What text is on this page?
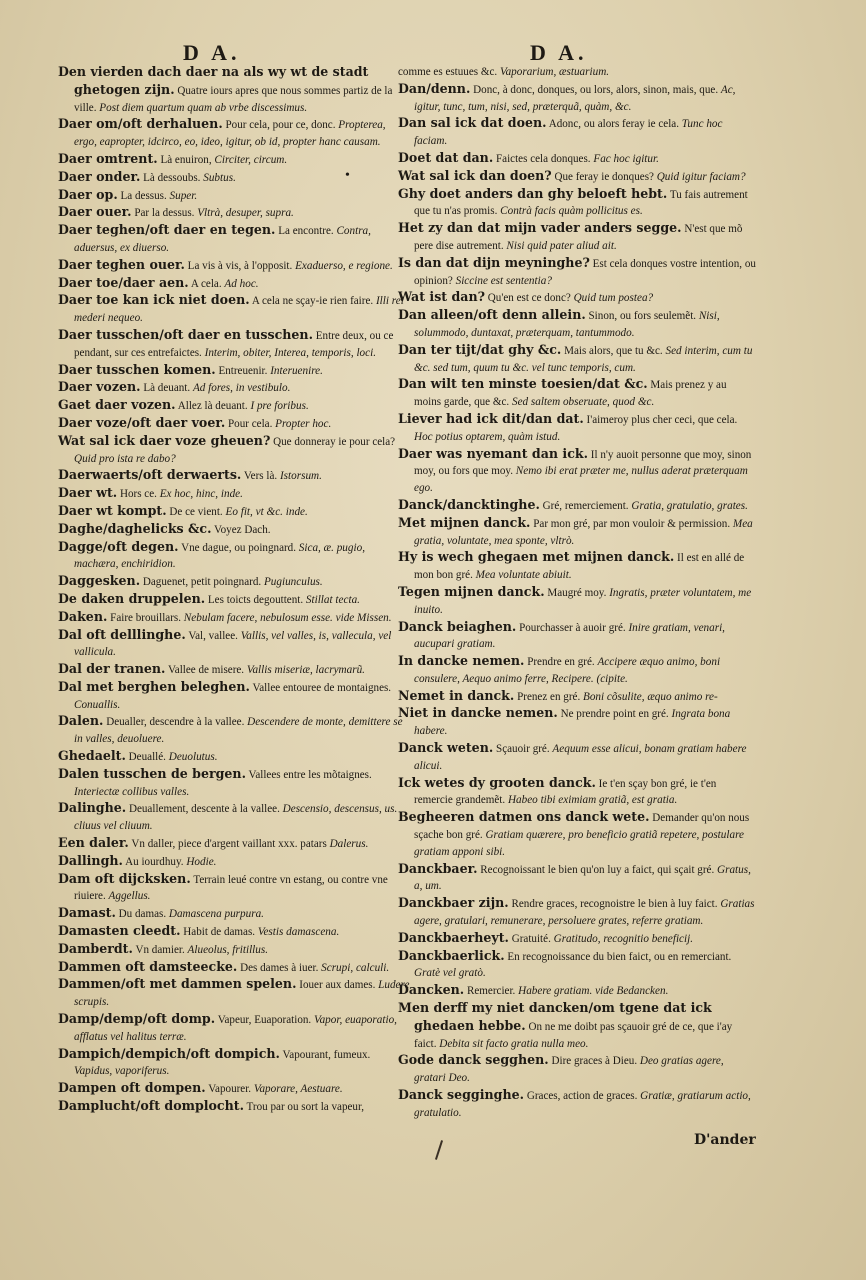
D A.	D A.

Den vierden dach daer na als wy wt de stadt ghetogen zijn. Quatre iours apres que nous sommes partiz de la ville. Post diem quartum quam ab vrbe discessimus.

Daer om/oft derhaluen. Pour cela, pour ce, donc. Propterea, ergo, eapropter, idcirco, eo, ideo, igitur, ob id, propter hanc causam.

Daer omtrent. Là enuiron, Circiter, circum.

Daer onder. Là dessoubs. Subtus.

Daer op. La dessus. Super.

Daer ouer. Par la dessus. Vltrà, desuper, supra.

Daer teghen/oft daer en tegen. La encontre. Contra, aduersus, ex diuerso.

Daer teghen ouer. La vis à vis, à l'opposit. Exaduerso, e regione.

Daer toe/daer aen. A cela. Ad hoc.

Daer toe kan ick niet doen. A cela ne sçay-ie rien faire. Illi rei mederi nequeo.

Daer tusschen/oft daer en tusschen. Entre deux, ou ce pendant, sur ces entrefaictes. Interim, obiter, Interea, temporis, loci.

Daer tusschen komen. Entreuenir. Interuenire.

Daer vozen. Là deuant. Ad fores, in vestibulo.

Gaet daer vozen. Allez là deuant. I pre foribus.

Daer voze/oft daer voer. Pour cela. Propter hoc.

Wat sal ick daer voze gheuen? Que donneray ie pour cela? Quid pro ista re dabo?

Daerwaerts/oft derwaerts. Vers là. Istorsum.

Daer wt. Hors ce. Ex hoc, hinc, inde.

Daer wt kompt. De ce vient. Eo fit, vt &c. inde.

Daghe/daghelicks &c. Voyez Dach.

Dagge/oft degen. Vne dague, ou poingnard. Sica, æ. pugio, machæra, enchiridion.

Daggesken. Daguenet, petit poingnard. Pugiunculus.

De daken druppelen. Les toicts degouttent. Stillat tecta.

Daken. Faire brouillars. Nebulam facere, nebulosum esse. vide Missen.

Dal oft delllinghe. Val, vallee. Vallis, vel valles, is, vallecula, vel vallicula.

Dal der tranen. Vallee de misere. Vallis miseriæ, lacrymarũ.

Dal met berghen beleghen. Vallee entouree de montaignes. Conuallis.

Dalen. Deualler, descendre à la vallee. Descendere de monte, demittere se in valles, deuoluere.

Ghedaelt. Deuallé. Deuolutus.

Dalen tusschen de bergen. Vallees entre les mõtaignes. Interiectæ collibus valles.

Dalinghe. Deuallement, descente à la vallee. Descensio, descensus, us. cliuus vel cliuum.

Een daler. Vn daller, piece d'argent vaillant xxx. patars Dalerus.

Dallingh. Au iourdhuy. Hodie.

Dam oft dijcksken. Terrain leué contre vn estang, ou contre vne riuiere. Aggellus.

Damast. Du damas. Damascena purpura.

Damasten cleedt. Habit de damas. Vestis damascena.

Damberdt. Vn damier. Alueolus, fritillus.

Dammen oft damsteecke. Des dames à iuer. Scrupi, calculi.

Dammen/oft met dammen spelen. Iouer aux dames. Ludere scrupis.

Damp/demp/oft domp. Vapeur, Euaporation. Vapor, euaporatio, afflatus vel halitus terræ.

Dampich/dempich/oft dompich. Vapourant, fumeux. Vapidus, vaporiferus.

Dampen oft dompen. Vapourer. Vaporare, Aestuare.

Damplucht/oft domplocht. Trou par ou sort la vapeur,

comme es estuues &c. Vaporarium, æstuarium.

Dan/denn. Donc, à donc, donques, ou lors, alors, sinon, mais, que. Ac, igitur, tunc, tum, nisi, sed, præterquã, quàm, &c.

Dan sal ick dat doen. Adonc, ou alors feray ie cela. Tunc hoc faciam.

Doet dat dan. Faictes cela donques. Fac hoc igitur.

Wat sal ick dan doen? Que feray ie donques? Quid igitur faciam?

Ghy doet anders dan ghy beloeft hebt. Tu fais autrement que tu n'as promis. Contrà facis quàm pollicitus es.

Het zy dan dat mijn vader anders segge. N'est que mõ pere dise autrement. Nisi quid pater aliud ait.

Is dan dat dijn meyninghe? Est cela donques vostre intention, ou opinion? Siccine est sententia?

Wat ist dan? Qu'en est ce donc? Quid tum postea?

Dan alleen/oft denn allein. Sinon, ou fors seulemẽt. Nisi, solummodo, duntaxat, præterquam, tantummodo.

Dan ter tijt/dat ghy &c. Mais alors, que tu &c. Sed interim, cum tu &c. sed tum, quum tu &c. vel tunc temporis, cum.

Dan wilt ten minste toesien/dat &c. Mais prenez y au moins garde, que &c. Sed saltem obseruate, quod &c.

Liever had ick dit/dan dat. I'aimeroy plus cher ceci, que cela. Hoc potius optarem, quàm istud.

Daer was nyemant dan ick. Il n'y auoit personne que moy, sinon moy, ou fors que moy. Nemo ibi erat præter me, nullus aderat præterquam ego.

Danck/dancktinghe. Gré, remerciement. Gratia, gratulatio, grates.

Met mijnen danck. Par mon gré, par mon vouloir & permission. Mea gratia, voluntate, mea sponte, vltrò.

Hy is wech ghegaen met mijnen danck. Il est en allé de mon bon gré. Mea voluntate abiuit.

Tegen mijnen danck. Maugré moy. Ingratis, præter voluntatem, me inuito.

Danck beiaghen. Pourchasser à auoir gré. Inire gratiam, venari, aucupari gratiam.

In dancke nemen. Prendre en gré. Accipere æquo animo, boni consulere, Aequo animo ferre, Recipere. (cipite.

Nemet in danck. Prenez en gré. Boni cõsulite, æquo animo re-

Niet in dancke nemen. Ne prendre point en gré. Ingrata bona habere.

Danck weten. Sçauoir gré. Aequum esse alicui, bonam gratiam habere alicui.

Ick wetes dy grooten danck. Ie t'en sçay bon gré, ie t'en remercie grandemẽt. Habeo tibi eximiam gratiã, est gratia.

Begheeren datmen ons danck wete. Demander qu'on nous sçache bon gré. Gratiam quærere, pro beneficio gratiã repetere, postulare gratiam apponi sibi.

Danckbaer. Recognoissant le bien qu'on luy a faict, qui sçait gré. Gratus, a, um.

Danckbaer zijn. Rendre graces, recognoistre le bien à luy faict. Gratias agere, gratulari, remunerare, persoluere grates, referre gratiam.

Danckbaerheyt. Gratuité. Gratitudo, recognitio beneficij.

Danckbaerlick. En recognoissance du bien faict, ou en remerciant. Gratè vel gratò.

Dancken. Remercier. Habere gratiam. vide Bedancken.

Men derff my niet dancken/om tgene dat ick ghedaen hebbe. On ne me doibt pas sçauoir gré de ce, que i'ay faict. Debita sit facto gratia nulla meo.

Gode danck segghen. Dire graces à Dieu. Deo gratias agere, gratari Deo.

Danck segginghe. Graces, action de graces. Gratiæ, gratiarum actio, gratulatio.

•
D'ander
